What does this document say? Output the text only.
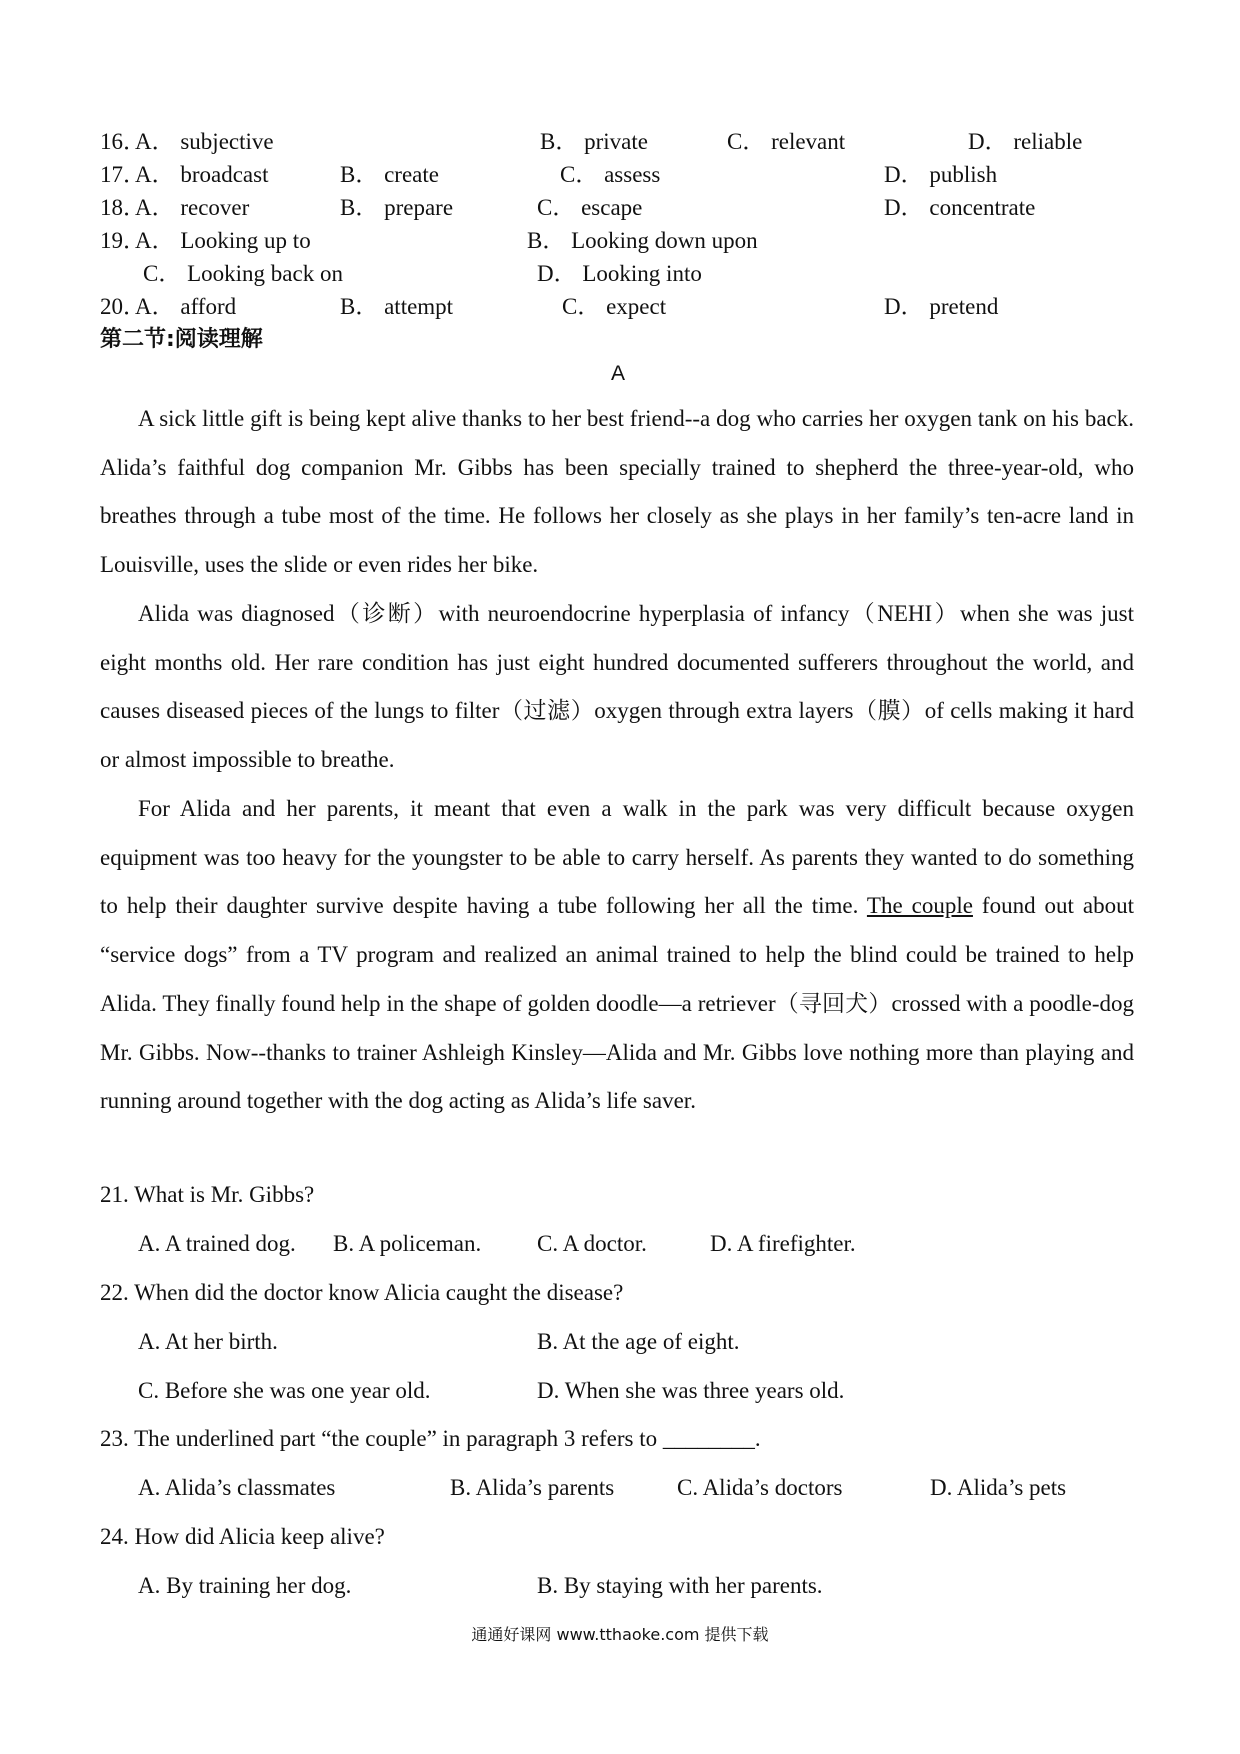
16．
A． subjective	B． private	C． relevant	D． reliable
17．
A． broadcast	B． create	C． assess	D． publish
18．
A． recover	B． prepare	C． escape	D． concentrate
19．
A． Looking up to	B． Looking down upon
C． Looking back on	D． Looking into
20．
A． afford	B． attempt	C． expect	D． pretend
第二节:阅读理解
A

A sick little gift is being kept alive thanks to her best friend--a dog who carries her oxygen tank on his back. Alida’s faithful dog companion Mr. Gibbs has been specially trained to shepherd the three-year-old, who breathes through a tube most of the time. He follows her closely as she plays in her family’s ten-acre land in Louisville, uses the slide or even rides her bike.

Alida was diagnosed（诊断）with neuroendocrine hyperplasia of infancy（NEHI）when she was just eight months old. Her rare condition has just eight hundred documented sufferers throughout the world, and causes diseased pieces of the lungs to filter（过滤）oxygen through extra layers（膜）of cells making it hard or almost impossible to breathe.

For Alida and her parents, it meant that even a walk in the park was very difficult because oxygen equipment was too heavy for the youngster to be able to carry herself. As parents they wanted to do something to help their daughter survive despite having a tube following her all the time. The couple found out about “service dogs” from a TV program and realized an animal trained to help the blind could be trained to help Alida. They finally found help in the shape of golden doodle—a retriever（寻回犬）crossed with a poodle-dog Mr. Gibbs. Now--thanks to trainer Ashleigh Kinsley—Alida and Mr. Gibbs love nothing more than playing and running around together with the dog acting as Alida’s life saver.

21. What is Mr. Gibbs?
A. A trained dog. B. A policeman. C. A doctor.	D. A firefighter.
22. When did the doctor know Alicia caught the disease?
A. At her birth.	B. At the age of eight.
C. Before she was one year old.	D. When she was three years old.
23. The underlined part “the couple” in paragraph 3 refers to ________.
A. Alida’s classmates	B. Alida’s parents	C. Alida’s doctors	D. Alida’s pets
24. How did Alicia keep alive?
A. By training her dog.	B. By staying with her parents.
通通好课网 www.tthaoke.com 提供下载
